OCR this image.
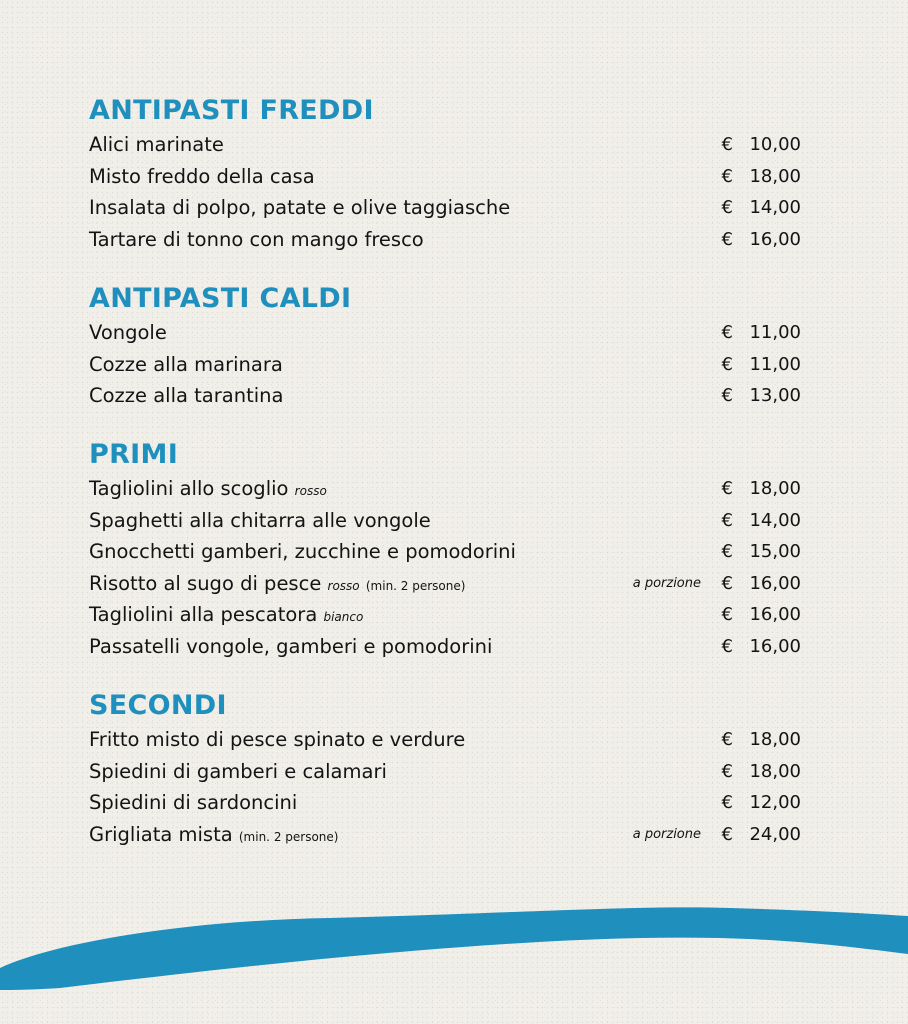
ANTIPASTI FREDDI
Alici marinate	€ 10,00
Misto freddo della casa	€ 18,00
Insalata di polpo, patate e olive taggiasche	€ 14,00
Tartare di tonno con mango fresco	€ 16,00
ANTIPASTI CALDI
Vongole	€ 11,00
Cozze alla marinara	€ 11,00
Cozze alla tarantina	€ 13,00
PRIMI
Tagliolini allo scoglio rosso	€ 18,00
Spaghetti alla chitarra alle vongole	€ 14,00
Gnocchetti gamberi, zucchine e pomodorini	€ 15,00
Risotto al sugo di pesce rosso (min. 2 persone)	a porzione € 16,00
Tagliolini alla pescatora bianco	€ 16,00
Passatelli vongole, gamberi e pomodorini	€ 16,00
SECONDI
Fritto misto di pesce spinato e verdure	€ 18,00
Spiedini di gamberi e calamari	€ 18,00
Spiedini di sardoncini	€ 12,00
Grigliata mista (min. 2 persone)	a porzione € 24,00
